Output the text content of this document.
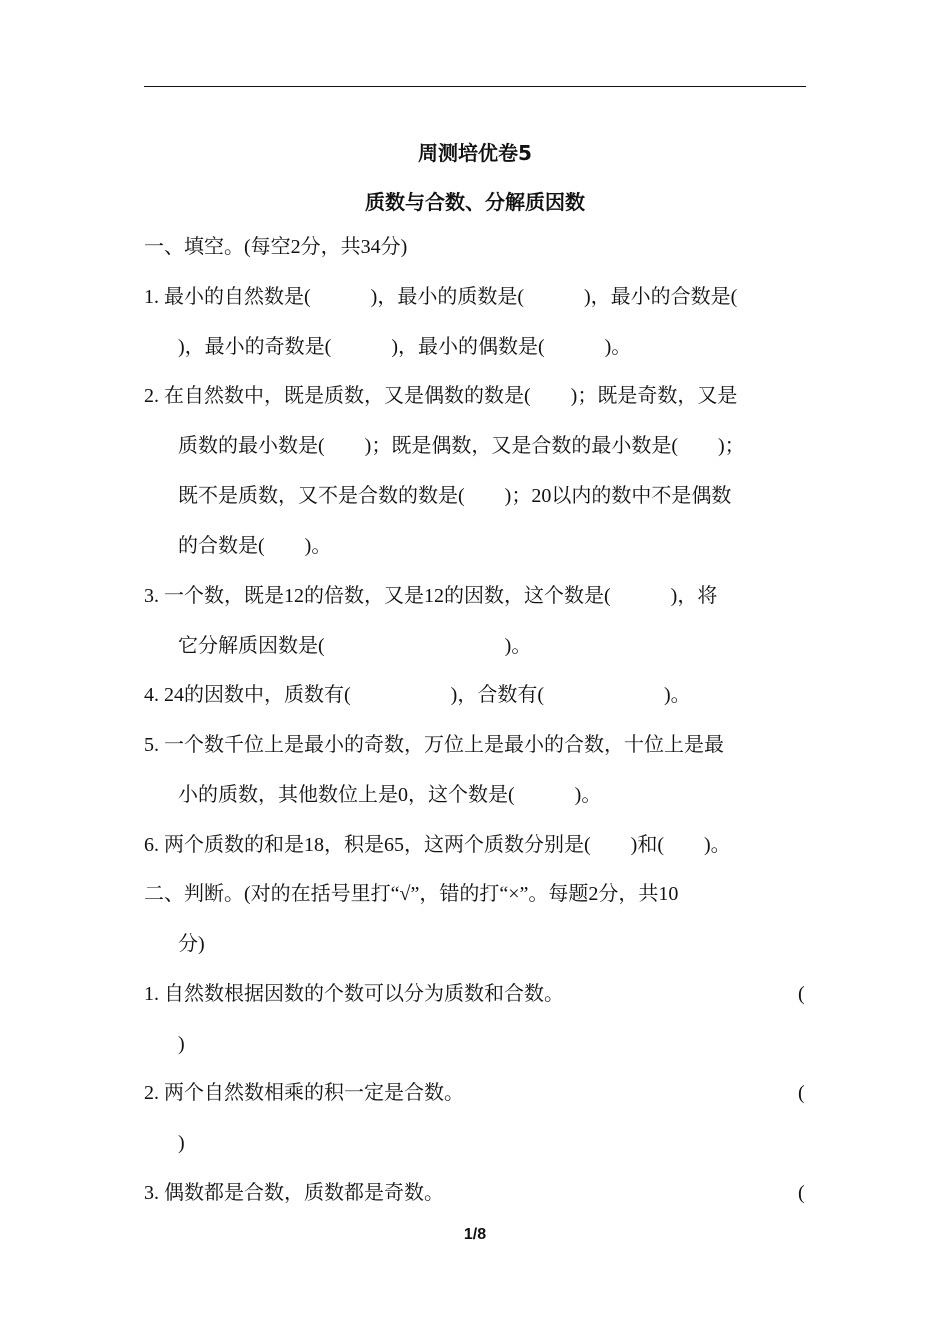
周测培优卷5
质数与合数、分解质因数
一、填空。(每空2分，共34分)
1. 最小的自然数是(　　　)，最小的质数是(　　　)，最小的合数是(
)，最小的奇数是(　　　)，最小的偶数是(　　　)。
2. 在自然数中，既是质数，又是偶数的数是(　　)；既是奇数，又是
质数的最小数是(　　)；既是偶数，又是合数的最小数是(　　)；
既不是质数，又不是合数的数是(　　)；20以内的数中不是偶数
的合数是(　　)。
3. 一个数，既是12的倍数，又是12的因数，这个数是(　　　)，将
它分解质因数是(　　　　　　　　　)。
4. 24的因数中，质数有(　　　　　)，合数有(　　　　　　)。
5. 一个数千位上是最小的奇数，万位上是最小的合数，十位上是最
小的质数，其他数位上是0，这个数是(　　　)。
6. 两个质数的和是18，积是65，这两个质数分别是(　　)和(　　)。
二、判断。(对的在括号里打“√”，错的打“×”。每题2分，共10
分)
1. 自然数根据因数的个数可以分为质数和合数。	(
)
2. 两个自然数相乘的积一定是合数。	(
)
3. 偶数都是合数，质数都是奇数。	(
1/8
